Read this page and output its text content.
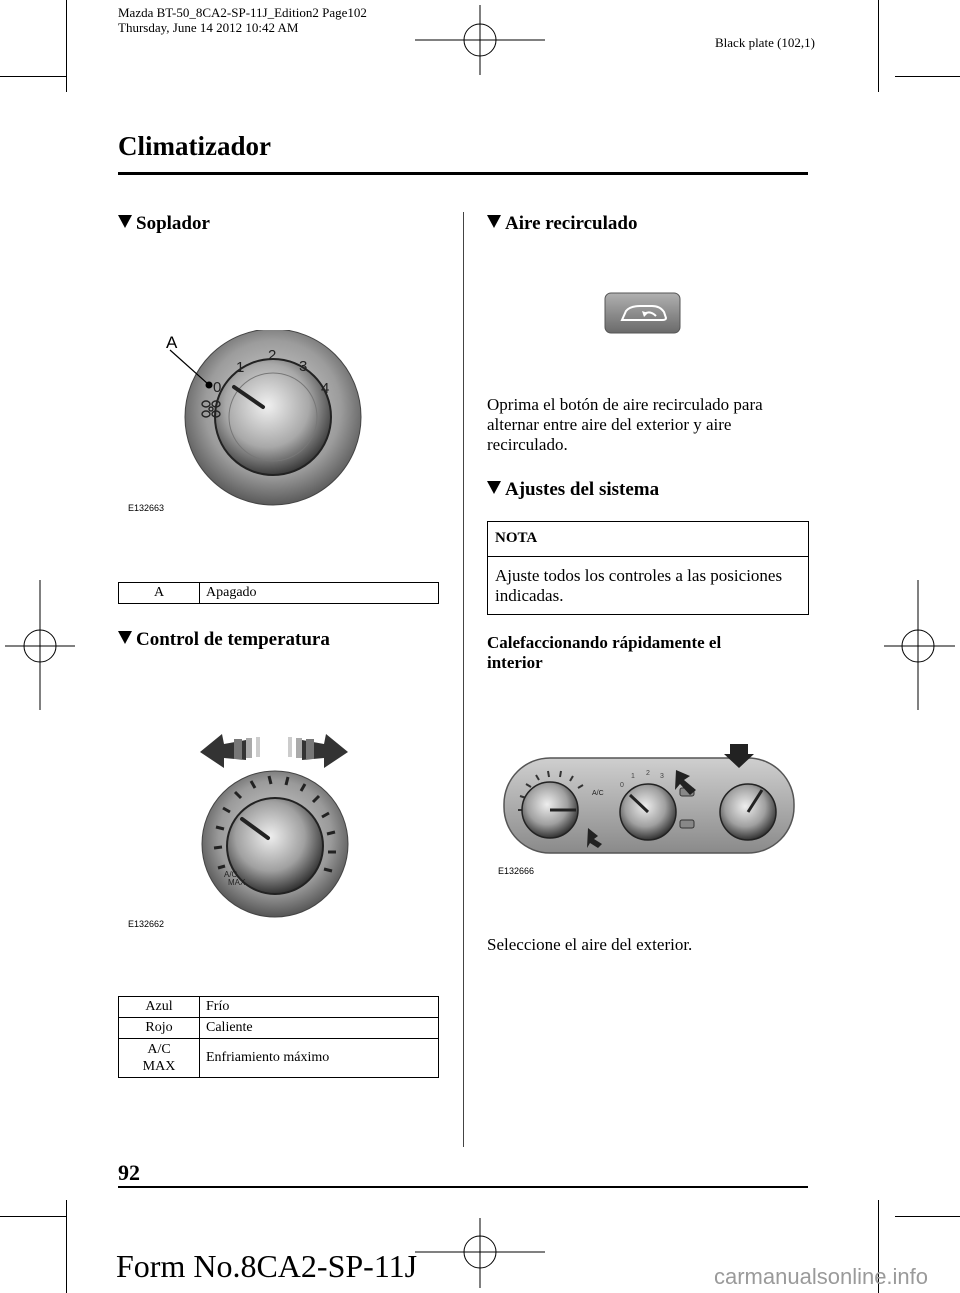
Mazda BT-50_8CA2-SP-11J_Edition2 Page102
Thursday, June 14 2012 10:42 AM
Black plate (102,1)
Climatizador
Soplador
A
0
1
2
3
4
E132663
A	Apagado
Control de temperatura
A/C
MAX
E132662
Azul	Frío
Rojo	Caliente

A/C
MAX	Enfriamiento máximo
Aire recirculado
Oprima el botón de aire recirculado para alternar entre aire del exterior y aire recirculado.
Ajustes del sistema
NOTA
Ajuste todos los controles a las posiciones indicadas.
Calefaccionando rápidamente el
interior
A/C
0
1 2 3
E132666
Seleccione el aire del exterior.
92
Form No.8CA2-SP-11J	carmanualsonline.info
